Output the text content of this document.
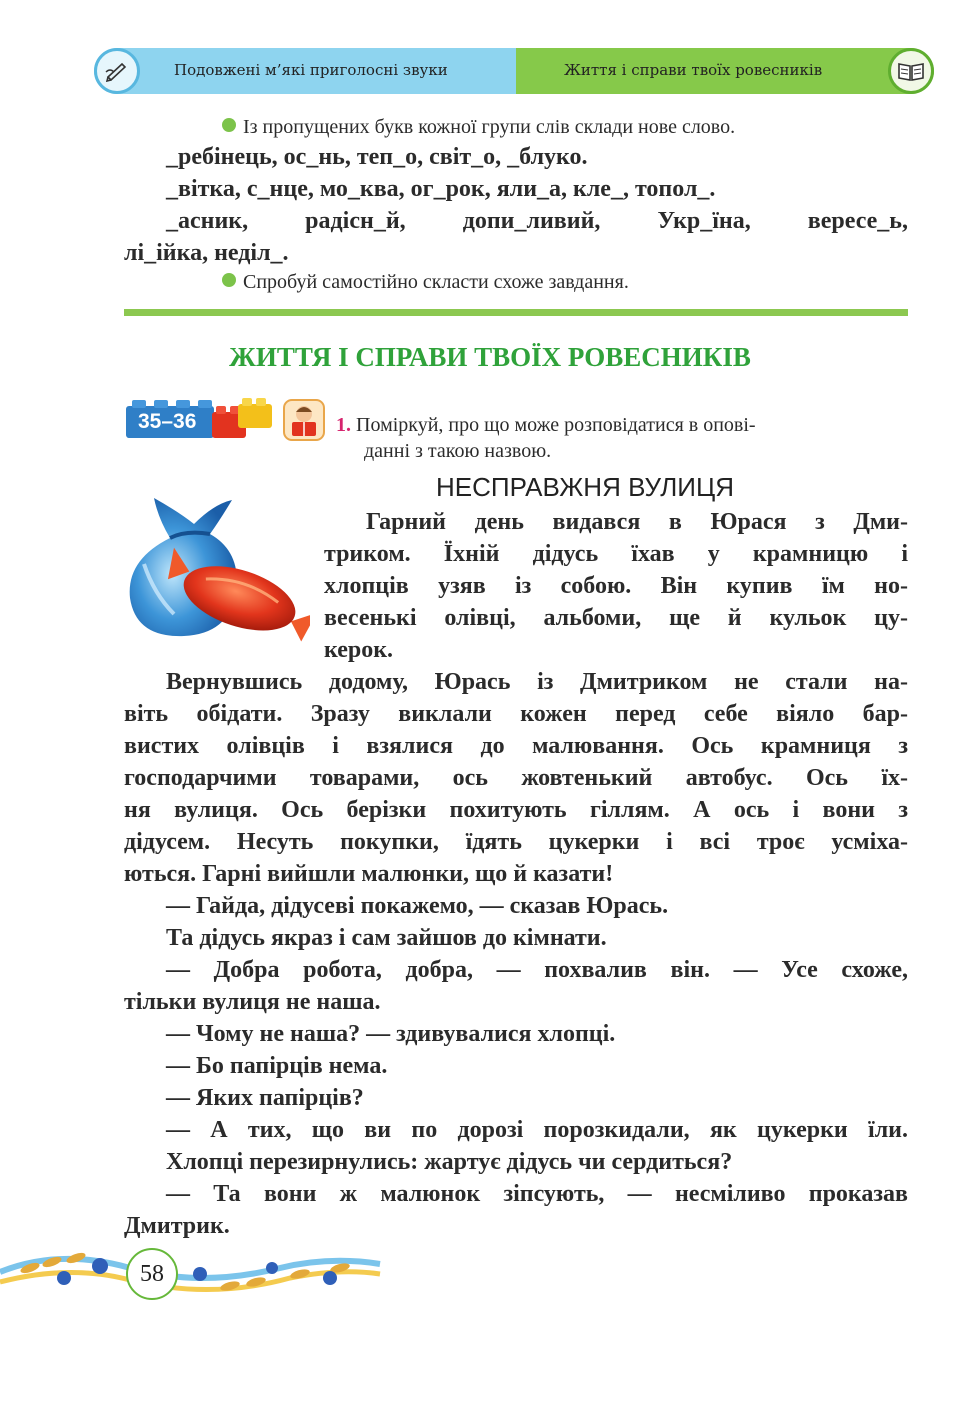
Подовжені м’які приголосні звуки	Життя і справи твоїх ровесників
Із пропущених букв кожної групи слів склади нове слово.
_ребінець, ос_нь, теп_о, світ_о, _блуко.
_вітка, с_нце, мо_ква, ог_рок, яли_а, кле_, топол_.
_асник, радісн_й, допи_ливий, Укр_їна, вересе_ь,
лі_ійка, неділ_.
Спробуй самостійно скласти схоже завдання.
ЖИТТЯ І СПРАВИ ТВОЇХ РОВЕСНИКІВ
35–36	1. Поміркуй, про що може розповідатися в опові-
данні з такою назвою.
НЕСПРАВЖНЯ ВУЛИЦЯ
Гарний день видався в Юрася з Дми-
триком. Їхній дідусь їхав у крамницю і
хлопців узяв із собою. Він купив їм но-
весенькі олівці, альбоми, ще й кульок цу-
керок.
Вернувшись додому, Юрась із Дмитриком не стали на-
віть обідати. Зразу виклали кожен перед себе віяло бар-
вистих олівців і взялися до малювання. Ось крамниця з
господарчими товарами, ось жовтенький автобус. Ось їх-
ня вулиця. Ось берізки похитують гіллям. А ось і вони з
дідусем. Несуть покупки, їдять цукерки і всі троє усміха-
ються. Гарні вийшли малюнки, що й казати!
— Гайда, дідусеві покажемо, — сказав Юрась.
Та дідусь якраз і сам зайшов до кімнати.
— Добра робота, добра, — похвалив він. — Усе схоже,
тільки вулиця не наша.
— Чому не наша? — здивувалися хлопці.
— Бо папірців нема.
— Яких папірців?
— А тих, що ви по дорозі порозкидали, як цукерки їли.
Хлопці перезирнулись: жартує дідусь чи сердиться?
— Та вони ж малюнок зіпсують, — несміливо проказав
Дмитрик.
58
